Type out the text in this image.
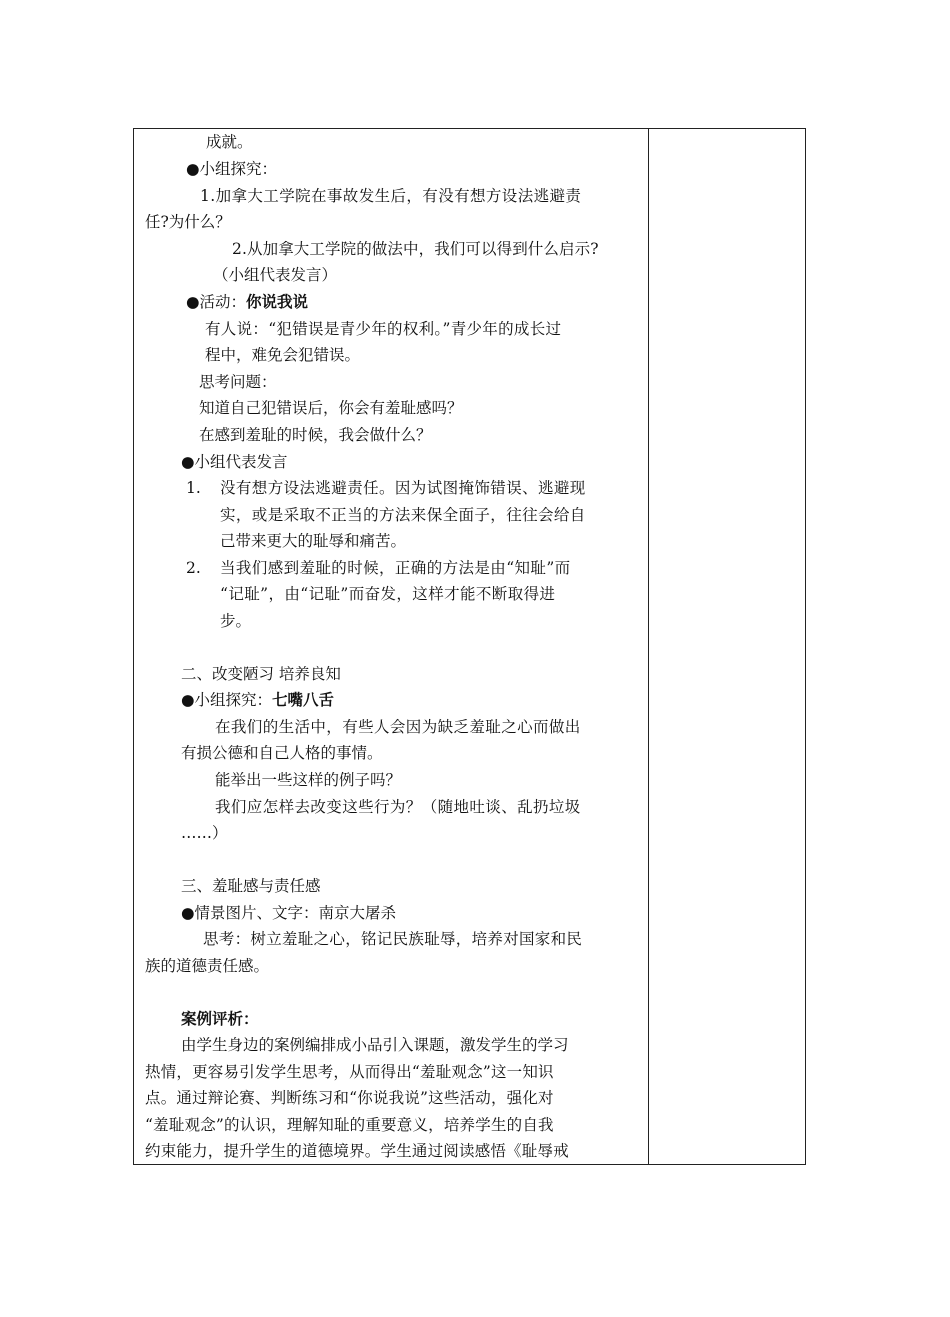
成就。
●小组探究：
1.加拿大工学院在事故发生后，有没有想方设法逃避责
任?为什么？
2.从加拿大工学院的做法中，我们可以得到什么启示?
（小组代表发言）
●活动：你说我说
有人说：“犯错误是青少年的权利。”青少年的成长过
程中，难免会犯错误。
思考问题：
知道自己犯错误后，你会有羞耻感吗？
在感到羞耻的时候，我会做什么？
●小组代表发言
1. 没有想方设法逃避责任。因为试图掩饰错误、逃避现
实，或是采取不正当的方法来保全面子，往往会给自
己带来更大的耻辱和痛苦。
2. 当我们感到羞耻的时候，正确的方法是由“知耻”而
“记耻”，由“记耻”而奋发，这样才能不断取得进
步。
二、改变陋习 培养良知
●小组探究：七嘴八舌
在我们的生活中，有些人会因为缺乏羞耻之心而做出
有损公德和自己人格的事情。
能举出一些这样的例子吗？
我们应怎样去改变这些行为？（随地吐谈、乱扔垃圾
……）
三、羞耻感与责任感
●情景图片、文字：南京大屠杀
思考：树立羞耻之心，铭记民族耻辱，培养对国家和民
族的道德责任感。
案例评析：
由学生身边的案例编排成小品引入课题，激发学生的学习
热情，更容易引发学生思考，从而得出“羞耻观念”这一知识
点。通过辩论赛、判断练习和“你说我说”这些活动，强化对
“羞耻观念”的认识，理解知耻的重要意义，培养学生的自我
约束能力，提升学生的道德境界。学生通过阅读感悟《耻辱戒
